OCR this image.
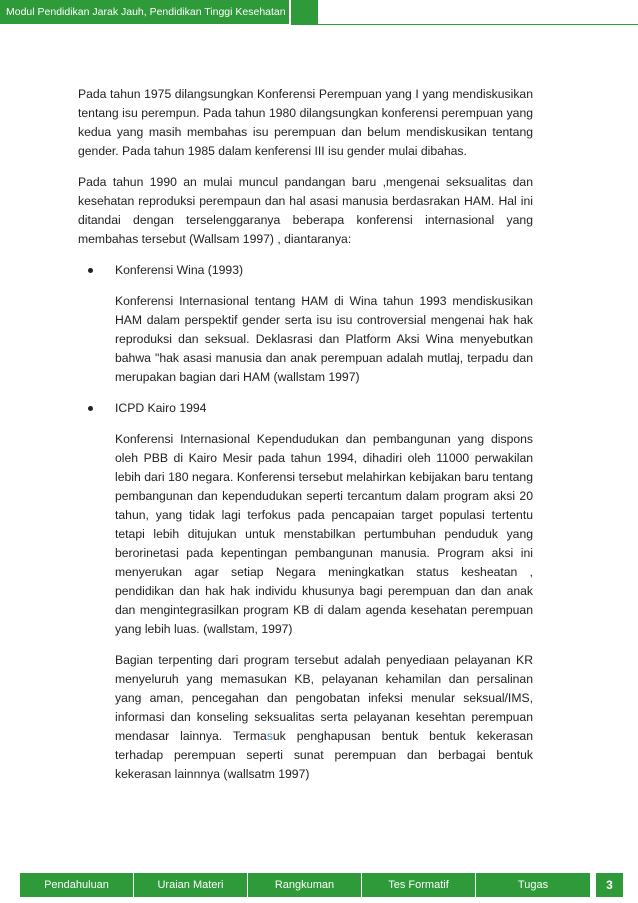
Modul Pendidikan Jarak Jauh, Pendidikan Tinggi Kesehatan

Pada tahun 1975 dilangsungkan Konferensi Perempuan yang I yang mendiskusikan tentang isu perempun. Pada tahun 1980 dilangsungkan konferensi perempuan yang kedua yang masih membahas isu perempuan dan belum mendiskusikan tentang gender. Pada tahun 1985 dalam kenferensi III isu gender mulai dibahas.

Pada tahun 1990 an mulai muncul pandangan baru ,mengenai seksualitas dan kesehatan reproduksi perempaun dan hal asasi manusia berdasrakan HAM. Hal ini ditandai dengan terselenggaranya beberapa konferensi internasional yang membahas tersebut (Wallsam 1997) , diantaranya:

Konferensi Wina (1993)

Konferensi Internasional tentang HAM di Wina tahun 1993 mendiskusikan HAM dalam perspektif gender serta isu isu controversial mengenai hak hak reproduksi dan seksual. Deklasrasi dan Platform Aksi Wina menyebutkan bahwa "hak asasi manusia dan anak perempuan adalah mutlaj, terpadu dan merupakan bagian dari HAM (wallstam 1997)

ICPD Kairo 1994

Konferensi Internasional Kependudukan dan pembangunan yang dispons oleh PBB di Kairo Mesir pada tahun 1994, dihadiri oleh 11000 perwakilan lebih dari 180 negara. Konferensi tersebut melahirkan kebijakan baru tentang pembangunan dan kependudukan seperti tercantum dalam program aksi 20 tahun, yang tidak lagi terfokus pada pencapaian target populasi tertentu tetapi lebih ditujukan untuk menstabilkan pertumbuhan penduduk yang berorinetasi pada kepentingan pembangunan manusia. Program aksi ini menyerukan agar setiap Negara meningkatkan status kesheatan , pendidikan dan hak hak individu khusunya bagi perempuan dan dan anak dan mengintegrasilkan program KB di dalam agenda kesehatan perempuan yang lebih luas. (wallstam, 1997)

Bagian terpenting dari program tersebut adalah penyediaan pelayanan KR menyeluruh yang memasukan KB, pelayanan kehamilan dan persalinan yang aman, pencegahan dan pengobatan infeksi menular seksual/IMS, informasi dan konseling seksualitas serta pelayanan kesehtan perempuan mendasar lainnya. Termasuk penghapusan bentuk bentuk kekerasan terhadap perempuan seperti sunat perempuan dan berbagai bentuk kekerasan lainnnya (wallsatm 1997)

Pendahuluan	Uraian Materi	Rangkuman	Tes Formatif	Tugas	3
